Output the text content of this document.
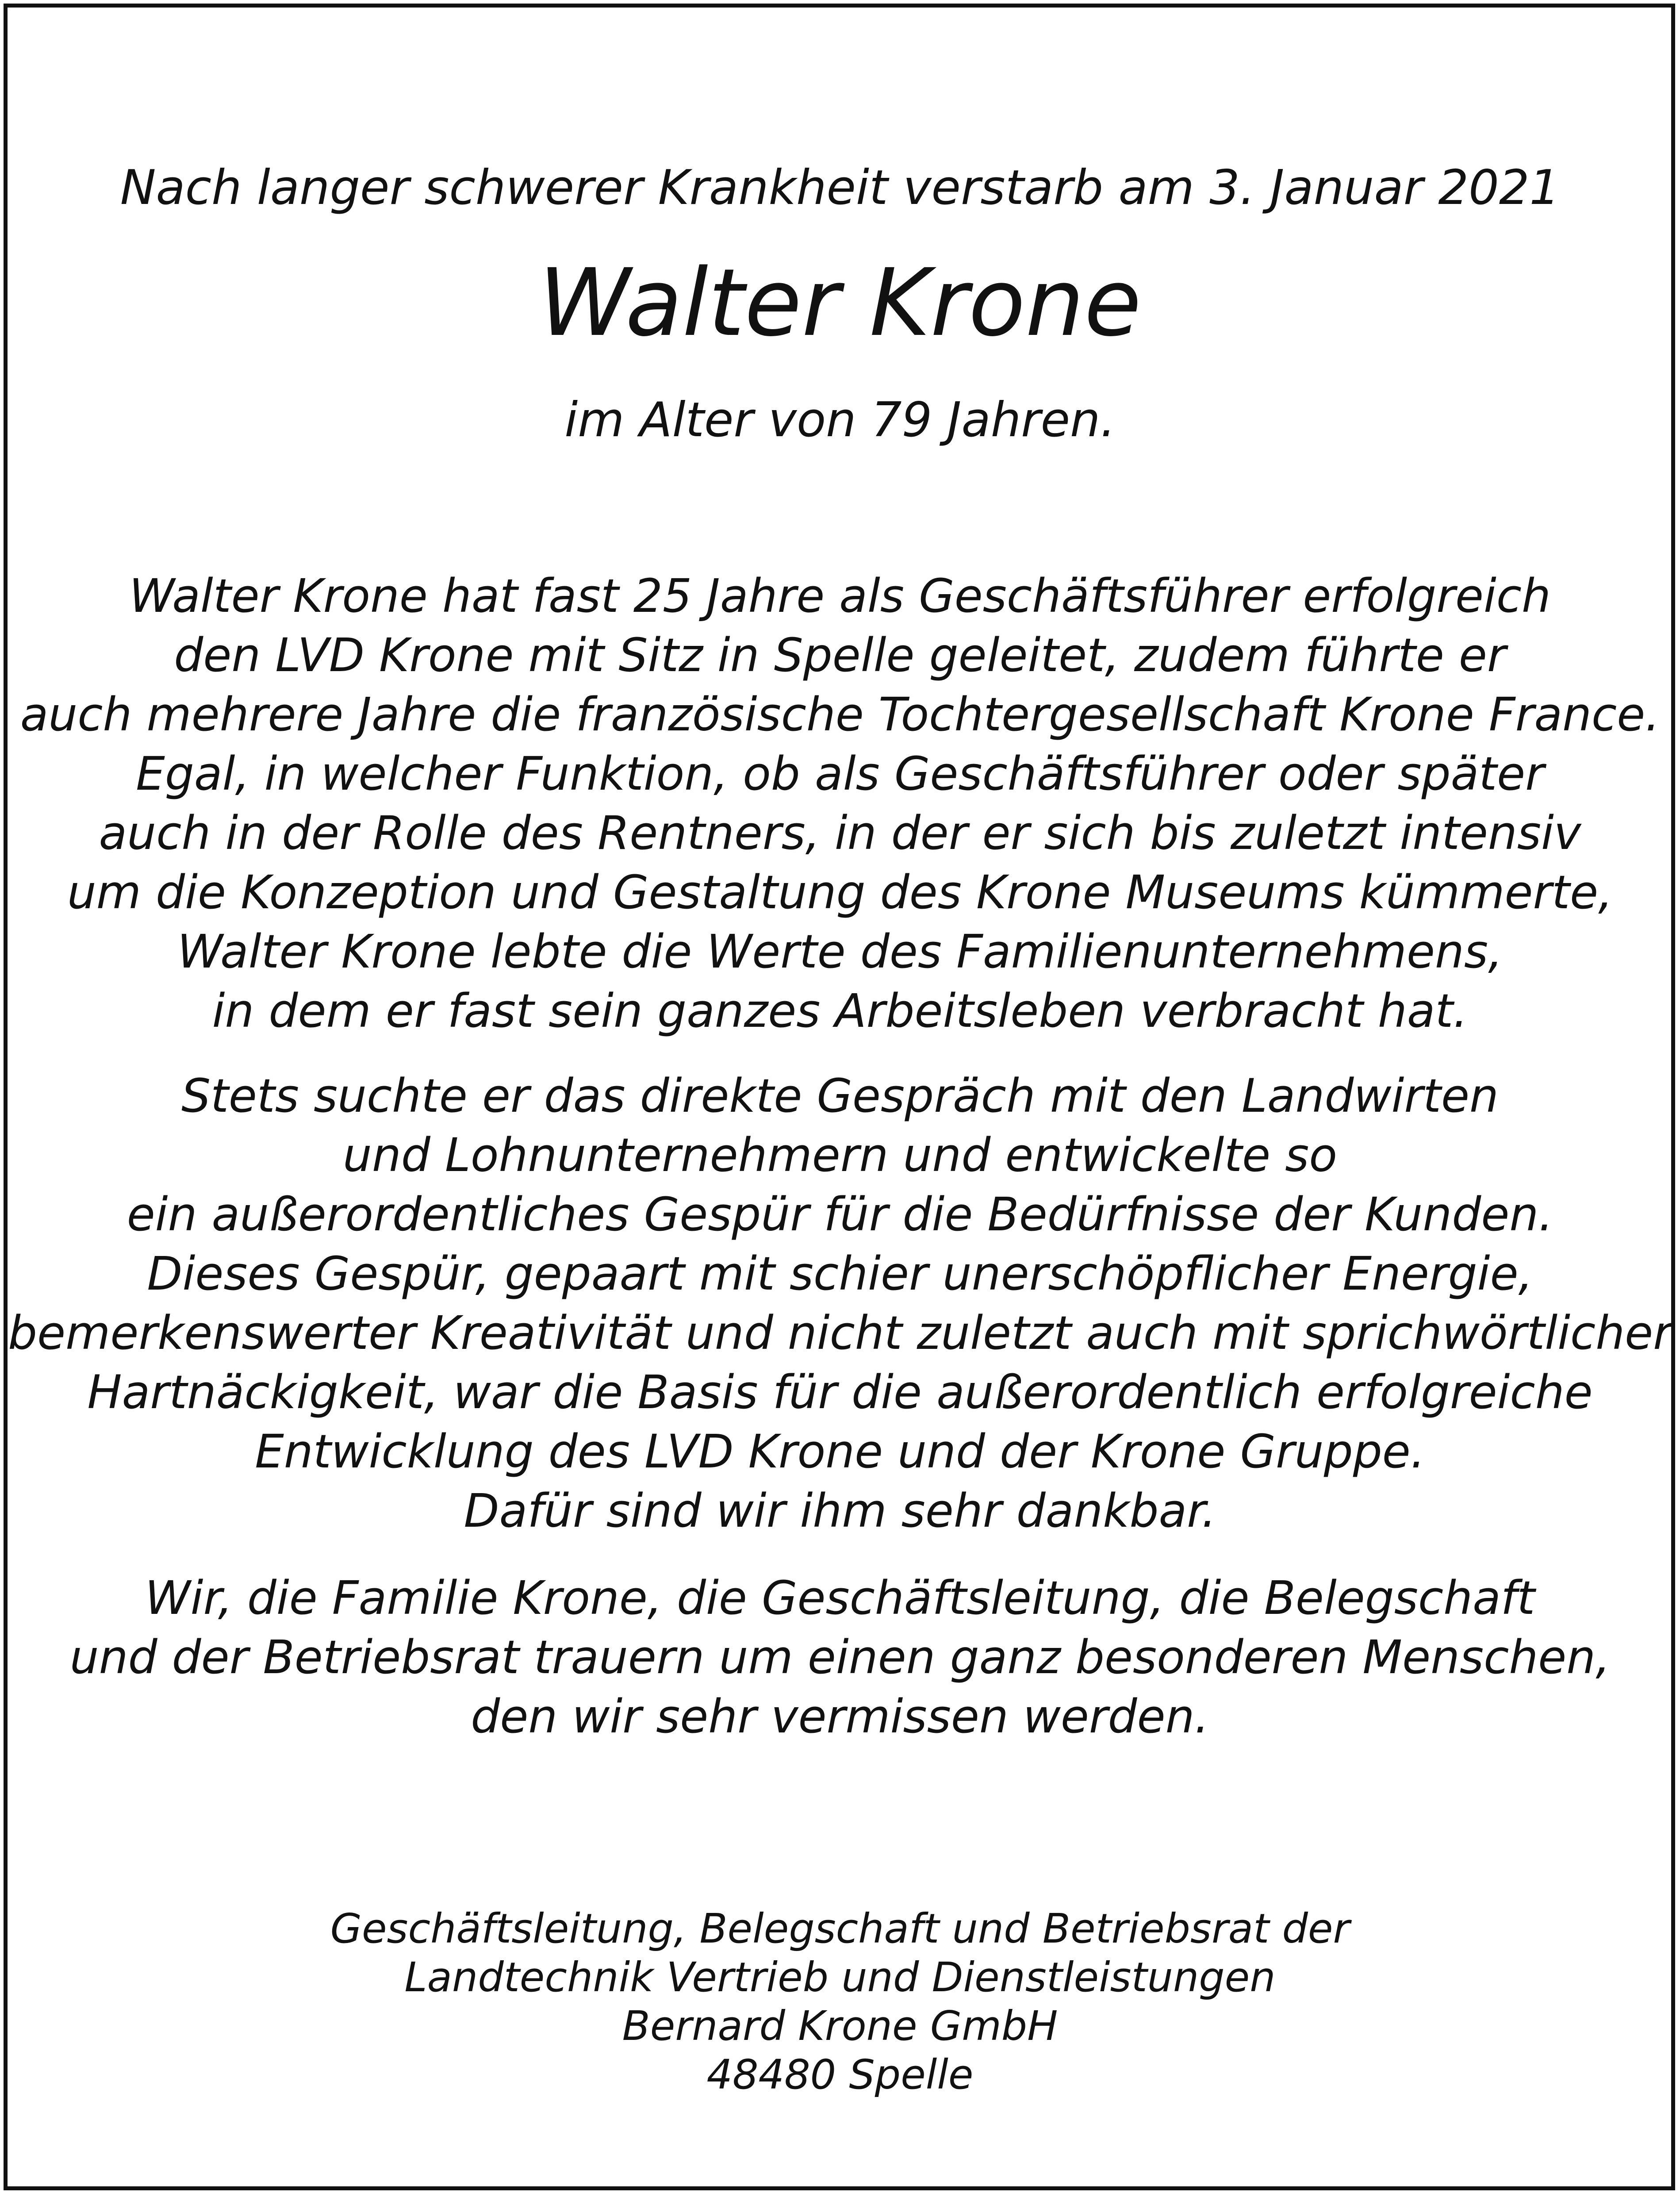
Nach langer schwerer Krankheit verstarb am 3. Januar 2021
Walter Krone
im Alter von 79 Jahren.
Walter Krone hat fast 25 Jahre als Geschäftsführer erfolgreich
den LVD Krone mit Sitz in Spelle geleitet, zudem führte er
auch mehrere Jahre die französische Tochtergesellschaft Krone France.
Egal, in welcher Funktion, ob als Geschäftsführer oder später
auch in der Rolle des Rentners, in der er sich bis zuletzt intensiv
um die Konzeption und Gestaltung des Krone Museums kümmerte,
Walter Krone lebte die Werte des Familienunternehmens,
in dem er fast sein ganzes Arbeitsleben verbracht hat.
Stets suchte er das direkte Gespräch mit den Landwirten
und Lohnunternehmern und entwickelte so
ein außerordentliches Gespür für die Bedürfnisse der Kunden.
Dieses Gespür, gepaart mit schier unerschöpflicher Energie,
bemerkenswerter Kreativität und nicht zuletzt auch mit sprichwörtlicher
Hartnäckigkeit, war die Basis für die außerordentlich erfolgreiche
Entwicklung des LVD Krone und der Krone Gruppe.
Dafür sind wir ihm sehr dankbar.
Wir, die Familie Krone, die Geschäftsleitung, die Belegschaft
und der Betriebsrat trauern um einen ganz besonderen Menschen,
den wir sehr vermissen werden.
Geschäftsleitung, Belegschaft und Betriebsrat der
Landtechnik Vertrieb und Dienstleistungen
Bernard Krone GmbH
48480 Spelle
